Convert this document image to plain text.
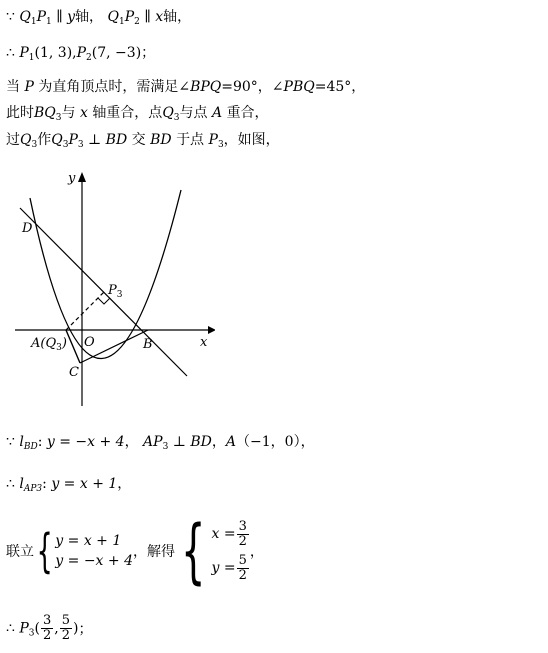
∵ $Q_1P_1$ ∥ y轴， $Q_1P_2$ ∥ x轴，
∴ $P_1(1$, $3),P_2(7$, −3)；
当 P 为直角顶点时，需满足∠BPQ=90°，∠PBQ=45°，
此时$BQ_3$与 x 轴重合，点$Q_3$与点 A 重合，
过$Q_3$作$Q_3P_3$ ⊥ BD 交 BD 于点 $P_3$，如图，
y
x
D
$P_3$
O
$A(Q_3)$	B
C
∵ $l_{BD}$: y = −x + 4， $AP_3$ ⊥ BD，A（−1，0），
∴ $l_{AP3}$: y = x + 1，
联立{ y = x + 1
y = −x + 4
，解得{ $x = \frac{3}{2}$
$y = \frac{5}{2}$
，
∴ $P_3( \frac{3}{2}$ , $\frac{5}{2}$ )；
